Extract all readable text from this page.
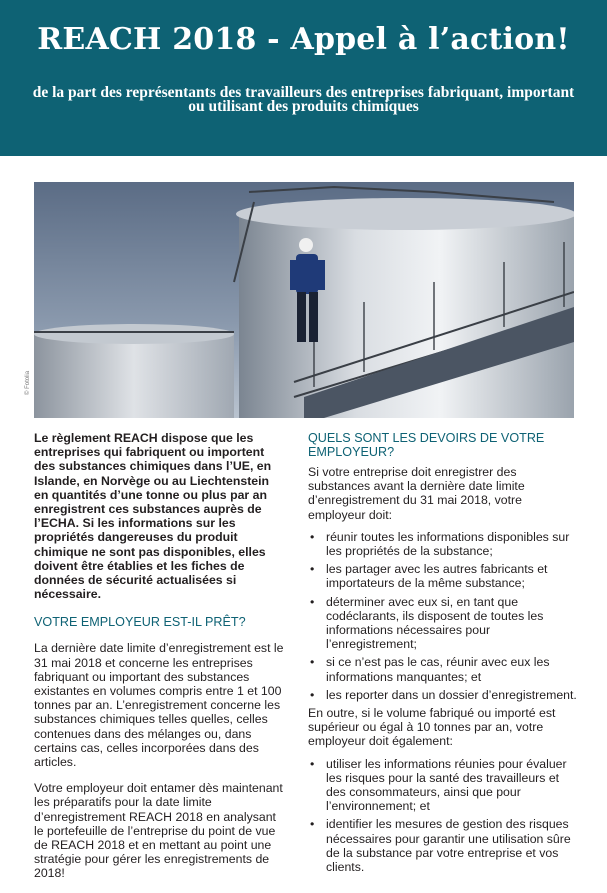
REACH 2018 - Appel à l’action!
de la part des représentants des travailleurs des entreprises fabriquant, important ou utilisant des produits chimiques
© Fotolia

Le règlement REACH dispose que les entreprises qui fabriquent ou importent des substances chimiques dans l’UE, en Islande, en Norvège ou au Liechtenstein en quantités d’une tonne ou plus par an enregistrent ces substances auprès de l’ECHA. Si les informations sur les propriétés dangereuses du produit chimique ne sont pas disponibles, elles doivent être établies et les fiches de données de sécurité actualisées si nécessaire.

VOTRE EMPLOYEUR EST-IL PRÊT?

La dernière date limite d’enregistrement est le 31 mai 2018 et concerne les entreprises fabriquant ou important des substances existantes en volumes compris entre 1 et 100 tonnes par an. L’enregistrement concerne les substances chimiques telles quelles, celles contenues dans des mélanges ou, dans certains cas, celles incorporées dans des articles.

Votre employeur doit entamer dès maintenant les préparatifs pour la date limite d’enregistrement REACH 2018 en analysant le portefeuille de l’entreprise du point de vue de REACH 2018 et en mettant au point une stratégie pour gérer les enregistrements de 2018!

QUELS SONT LES DEVOIRS DE VOTRE EMPLOYEUR?

Si votre entreprise doit enregistrer des substances avant la dernière date limite d’enregistrement du 31 mai 2018, votre employeur doit:

• réunir toutes les informations disponibles sur les propriétés de la substance;
• les partager avec les autres fabricants et importateurs de la même substance;
• déterminer avec eux si, en tant que codéclarants, ils disposent de toutes les informations nécessaires pour l’enregistrement;
• si ce n’est pas le cas, réunir avec eux les informations manquantes; et
• les reporter dans un dossier d’enregistrement.

En outre, si le volume fabriqué ou importé est supérieur ou égal à 10 tonnes par an, votre employeur doit également:

• utiliser les informations réunies pour évaluer les risques pour la santé des travailleurs et des consommateurs, ainsi que pour l’environnement; et
• identifier les mesures de gestion des risques nécessaires pour garantir une utilisation sûre de la substance par votre entreprise et vos clients.
